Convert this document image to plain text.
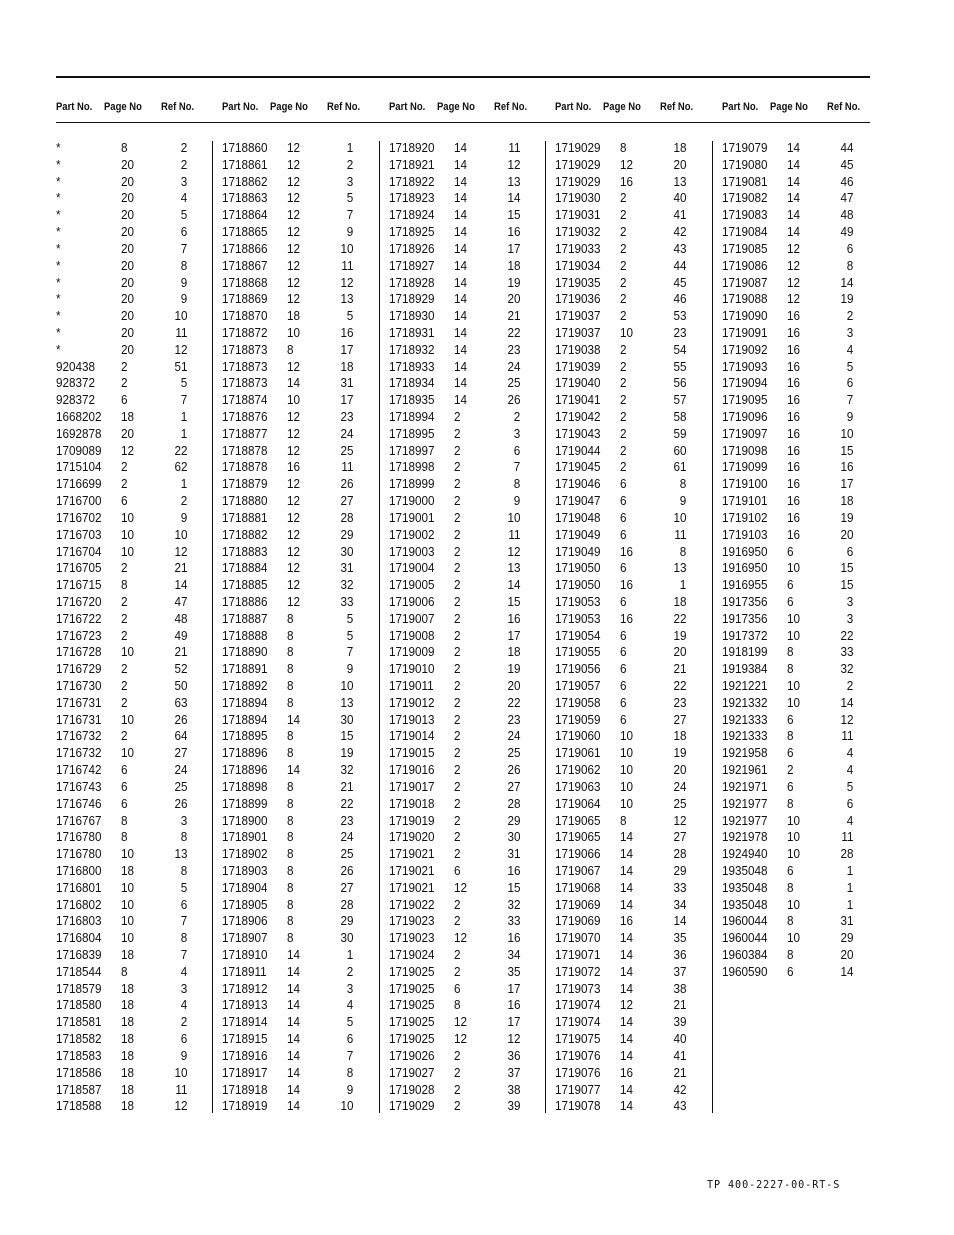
Part No. Page No Ref No.	Part No. Page No Ref No.	Part No. Page No Ref No.	Part No. Page No Ref No.	Part No. Page No Ref No.
*	8	2
*	20	2
*	20	3
*	20	4
*	20	5
*	20	6
*	20	7
*	20	8
*	20	9
*	20	9
*	20	10
*	20	11
*	20	12
920438 2	51
928372 2	5
928372 6	7
1668202 18	1
1692878 20	1
1709089 12	22
1715104 2	62
1716699 2	1
1716700 6	2
1716702 10	9
1716703 10	10
1716704 10	12
1716705 2	21
1716715 8	14
1716720 2	47
1716722 2	48
1716723 2	49
1716728 10	21
1716729 2	52
1716730 2	50
1716731 2	63
1716731 10	26
1716732 2	64
1716732 10	27
1716742 6	24
1716743 6	25
1716746 6	26
1716767 8	3
1716780 8	8
1716780 10	13
1716800 18	8
1716801 10	5
1716802 10	6
1716803 10	7
1716804 10	8
1716839 18	7
1718544 8	4
1718579 18	3
1718580 18	4
1718581 18	2
1718582 18	6
1718583 18	9
1718586 18	10
1718587 18	11
1718588 18	12
1718860 12	1
1718861 12	2
1718862 12	3
1718863 12	5
1718864 12	7
1718865 12	9
1718866 12	10
1718867 12	11
1718868 12	12
1718869 12	13
1718870 18	5
1718872 10	16
1718873 8	17
1718873 12	18
1718873 14	31
1718874 10	17
1718876 12	23
1718877 12	24
1718878 12	25
1718878 16	11
1718879 12	26
1718880 12	27
1718881 12	28
1718882 12	29
1718883 12	30
1718884 12	31
1718885 12	32
1718886 12	33
1718887 8	5
1718888 8	5
1718890 8	7
1718891 8	9
1718892 8	10
1718894 8	13
1718894 14	30
1718895 8	15
1718896 8	19
1718896 14	32
1718898 8	21
1718899 8	22
1718900 8	23
1718901 8	24
1718902 8	25
1718903 8	26
1718904 8	27
1718905 8	28
1718906 8	29
1718907 8	30
1718910 14	1
1718911 14	2
1718912 14	3
1718913 14	4
1718914 14	5
1718915 14	6
1718916 14	7
1718917 14	8
1718918 14	9
1718919 14	10
1718920 14	11
1718921 14	12
1718922 14	13
1718923 14	14
1718924 14	15
1718925 14	16
1718926 14	17
1718927 14	18
1718928 14	19
1718929 14	20
1718930 14	21
1718931 14	22
1718932 14	23
1718933 14	24
1718934 14	25
1718935 14	26
1718994 2	2
1718995 2	3
1718997 2	6
1718998 2	7
1718999 2	8
1719000 2	9
1719001 2	10
1719002 2	11
1719003 2	12
1719004 2	13
1719005 2	14
1719006 2	15
1719007 2	16
1719008 2	17
1719009 2	18
1719010 2	19
1719011 2	20
1719012 2	22
1719013 2	23
1719014 2	24
1719015 2	25
1719016 2	26
1719017 2	27
1719018 2	28
1719019 2	29
1719020 2	30
1719021 2	31
1719021 6	16
1719021 12	15
1719022 2	32
1719023 2	33
1719023 12	16
1719024 2	34
1719025 2	35
1719025 6	17
1719025 8	16
1719025 12	17
1719025 12	12
1719026 2	36
1719027 2	37
1719028 2	38
1719029 2	39
1719029 8	18
1719029 12	20
1719029 16	13
1719030 2	40
1719031 2	41
1719032 2	42
1719033 2	43
1719034 2	44
1719035 2	45
1719036 2	46
1719037 2	53
1719037 10	23
1719038 2	54
1719039 2	55
1719040 2	56
1719041 2	57
1719042 2	58
1719043 2	59
1719044 2	60
1719045 2	61
1719046 6	8
1719047 6	9
1719048 6	10
1719049 6	11
1719049 16	8
1719050 6	13
1719050 16	1
1719053 6	18
1719053 16	22
1719054 6	19
1719055 6	20
1719056 6	21
1719057 6	22
1719058 6	23
1719059 6	27
1719060 10	18
1719061 10	19
1719062 10	20
1719063 10	24
1719064 10	25
1719065 8	12
1719065 14	27
1719066 14	28
1719067 14	29
1719068 14	33
1719069 14	34
1719069 16	14
1719070 14	35
1719071 14	36
1719072 14	37
1719073 14	38
1719074 12	21
1719074 14	39
1719075 14	40
1719076 14	41
1719076 16	21
1719077 14	42
1719078 14	43
1719079 14	44
1719080 14	45
1719081 14	46
1719082 14	47
1719083 14	48
1719084 14	49
1719085 12	6
1719086 12	8
1719087 12	14
1719088 12	19
1719090 16	2
1719091 16	3
1719092 16	4
1719093 16	5
1719094 16	6
1719095 16	7
1719096 16	9
1719097 16	10
1719098 16	15
1719099 16	16
1719100 16	17
1719101 16	18
1719102 16	19
1719103 16	20
1916950 6	6
1916950 10	15
1916955 6	15
1917356 6	3
1917356 10	3
1917372 10	22
1918199 8	33
1919384 8	32
1921221 10	2
1921332 10	14
1921333 6	12
1921333 8	11
1921958 6	4
1921961 2	4
1921971 6	5
1921977 8	6
1921977 10	4
1921978 10	11
1924940 10	28
1935048 6	1
1935048 8	1
1935048 10	1
1960044 8	31
1960044 10	29
1960384 8	20
1960590 6	14
TP 400-2227-00-RT-S
